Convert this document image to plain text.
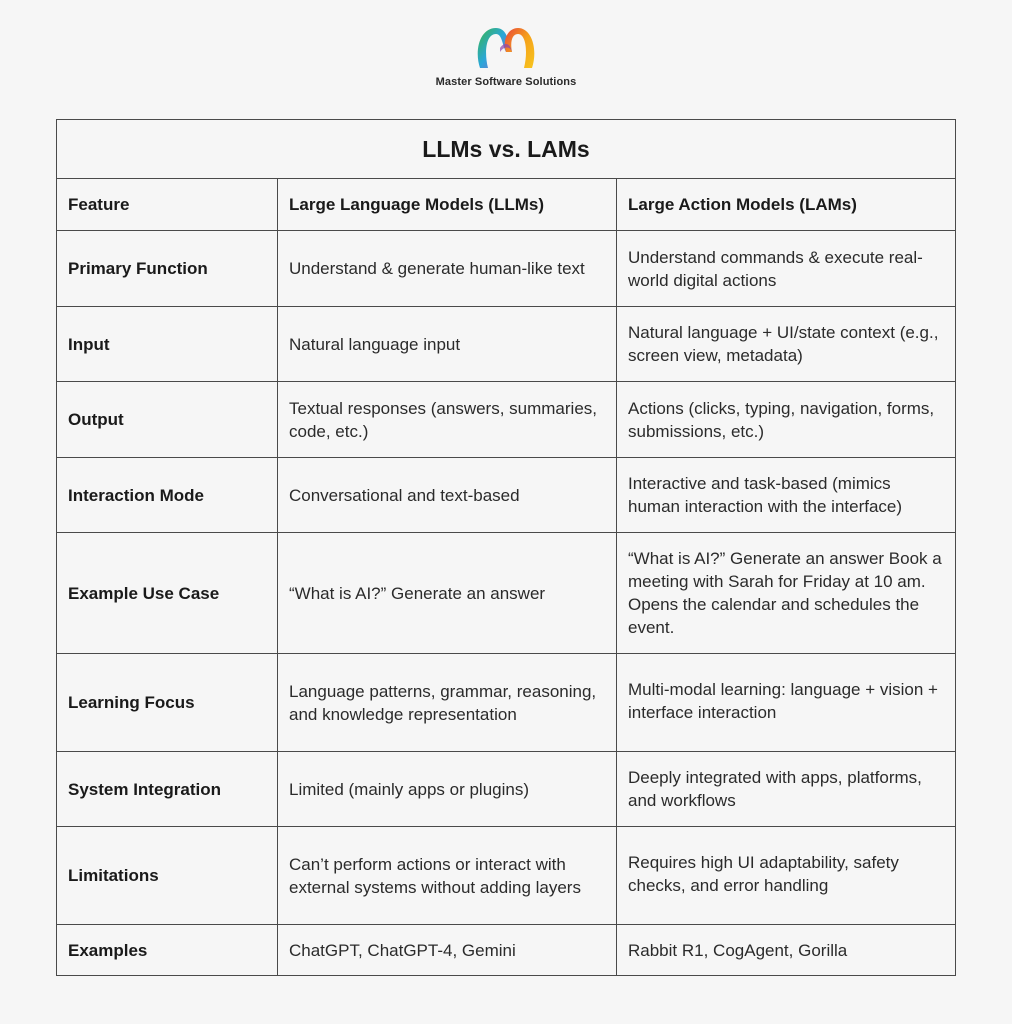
Master Software Solutions
LLMs vs. LAMs		
Feature	Large Language Models (LLMs)	Large Action Models (LAMs)
Primary Function	Understand & generate human-like text	Understand commands & execute real-world digital actions
Input	Natural language input	Natural language + UI/state context (e.g., screen view, metadata)
Output	Textual responses (answers, summaries, code, etc.)	Actions (clicks, typing, navigation, forms, submissions, etc.)
Interaction Mode	Conversational and text-based	Interactive and task-based (mimics human interaction with the interface)
Example Use Case	“What is AI?” Generate an answer	“What is AI?” Generate an answer Book a meeting with Sarah for Friday at 10 am. Opens the calendar and schedules the event.
Learning Focus	Language patterns, grammar, reasoning, and knowledge representation	Multi-modal learning: language + vision + interface interaction
System Integration	Limited (mainly apps or plugins)	Deeply integrated with apps, platforms, and workflows
Limitations	Can’t perform actions or interact with external systems without adding layers	Requires high UI adaptability, safety checks, and error handling
Examples	ChatGPT, ChatGPT-4, Gemini	Rabbit R1, CogAgent, Gorilla
